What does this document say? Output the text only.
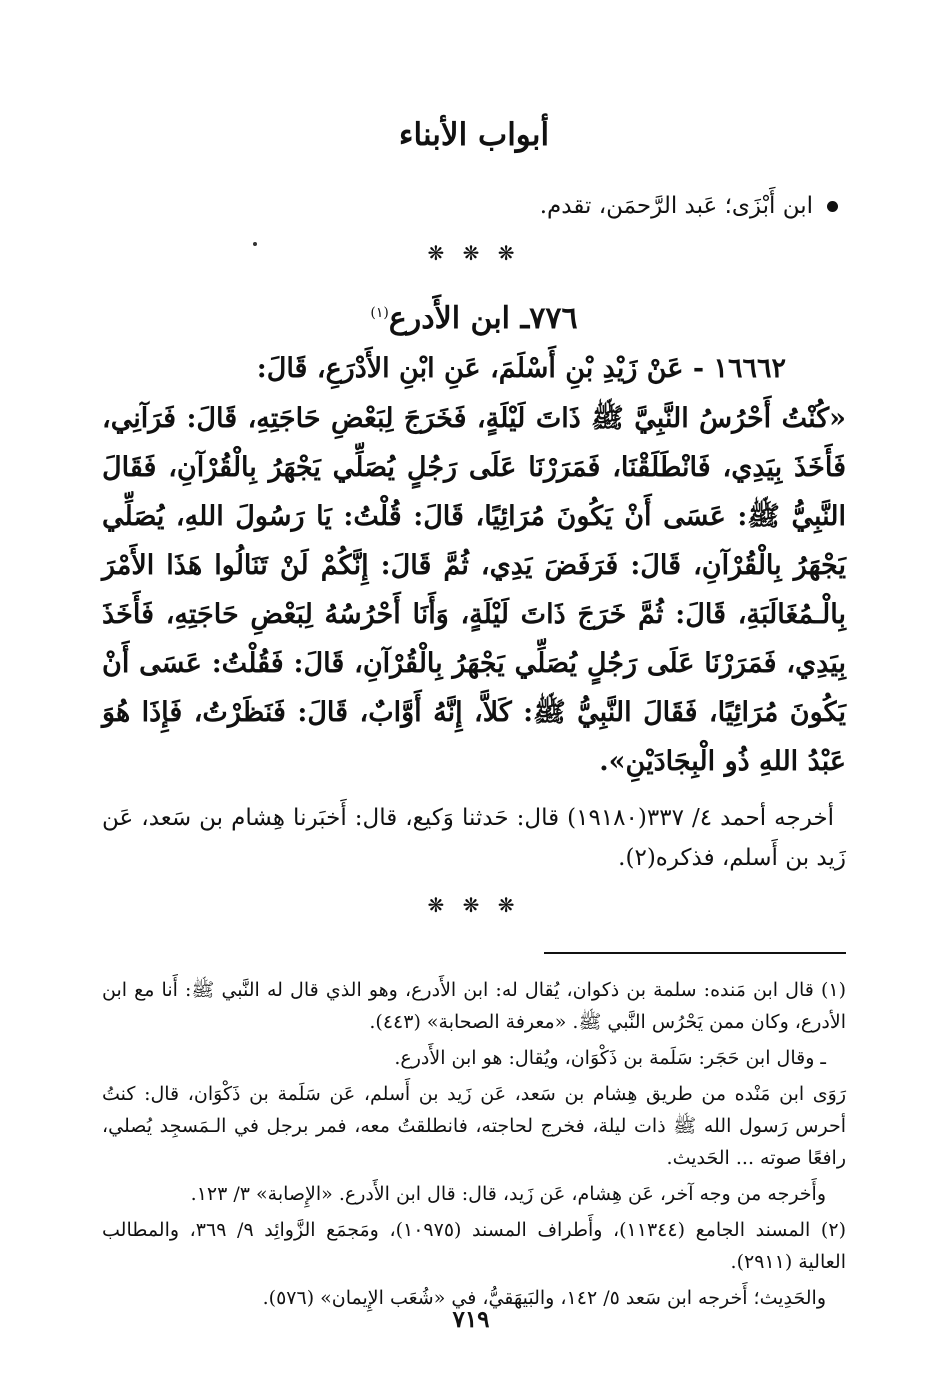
أبواب الأبناء
ابن أَبْزَى؛ عَبد الرَّحمَن، تقدم.
❋ ❋ ❋
٧٧٦ـ ابن الأَدرع$^{(١)}$
١٦٦٦٢ - عَنْ زَيْدِ بْنِ أَسْلَمَ، عَنِ ابْنِ الأَدْرَعِ، قَالَ:

«كُنْتُ أَحْرُسُ النَّبِيَّ ﷺ ذَاتَ لَيْلَةٍ، فَخَرَجَ لِبَعْضِ حَاجَتِهِ، قَالَ: فَرَآنِي، فَأَخَذَ بِيَدِي، فَانْطَلَقْنَا، فَمَرَرْنَا عَلَى رَجُلٍ يُصَلِّي يَجْهَرُ بِالْقُرْآنِ، فَقَالَ النَّبِيُّ ﷺ: عَسَى أَنْ يَكُونَ مُرَائِيًا، قَالَ: قُلْتُ: يَا رَسُولَ اللهِ، يُصَلِّي يَجْهَرُ بِالْقُرْآنِ، قَالَ: فَرَفَضَ يَدِي، ثُمَّ قَالَ: إِنَّكُمْ لَنْ تَنَالُوا هَذَا الأَمْرَ بِالْـمُغَالَبَةِ، قَالَ: ثُمَّ خَرَجَ ذَاتَ لَيْلَةٍ، وَأَنَا أَحْرُسُهُ لِبَعْضِ حَاجَتِهِ، فَأَخَذَ بِيَدِي، فَمَرَرْنَا عَلَى رَجُلٍ يُصَلِّي يَجْهَرُ بِالْقُرْآنِ، قَالَ: فَقُلْتُ: عَسَى أَنْ يَكُونَ مُرَائِيًا، فَقَالَ النَّبِيُّ ﷺ: كَلاَّ، إِنَّهُ أَوَّابٌ، قَالَ: فَنَظَرْتُ، فَإِذَا هُوَ عَبْدُ اللهِ ذُو الْبِجَادَيْنِ».

أخرجه أحمد ٤/ ٣٣٧(١٩١٨٠) قال: حَدثنا وَكيع، قال: أَخبَرنا هِشام بن سَعد، عَن زَيد بن أَسلم، فذكره(٢).
❋ ❋ ❋

(١) قال ابن مَنده: سلمة بن ذكوان، يُقال له: ابن الأَدرع، وهو الذي قال له النَّبي ﷺ: أَنا مع ابن الأدرع، وكان ممن يَحْرُس النَّبي ﷺ. «معرفة الصحابة» (٤٤٣).

ـ وقال ابن حَجَر: سَلَمة بن ذَكْوَان، ويُقال: هو ابن الأَدرع.

رَوَى ابن مَنْده من طريق هِشام بن سَعد، عَن زَيد بن أَسلم، عَن سَلَمة بن ذَكْوَان، قال: كنتُ أحرس رَسول الله ﷺ ذات ليلة، فخرج لحاجته، فانطلقتُ معه، فمر برجل في الـمَسجِد يُصلي، رافعًا صوته ... الحَديث.

وأَخرجه من وجه آخر، عَن هِشام، عَن زَيد، قال: قال ابن الأَدرع. «الإِصابة» ٣/ ١٢٣.

(٢) المسند الجامع (١١٣٤٤)، وأَطراف المسند (١٠٩٧٥)، ومَجمَع الزَّوائِد ٩/ ٣٦٩، والمطالب العالية (٢٩١١).

والحَدِيث؛ أَخرجه ابن سَعد ٥/ ١٤٢، والبَيهَقيُّ، في «شُعَب الإِيمان» (٥٧٦).

٧١٩
